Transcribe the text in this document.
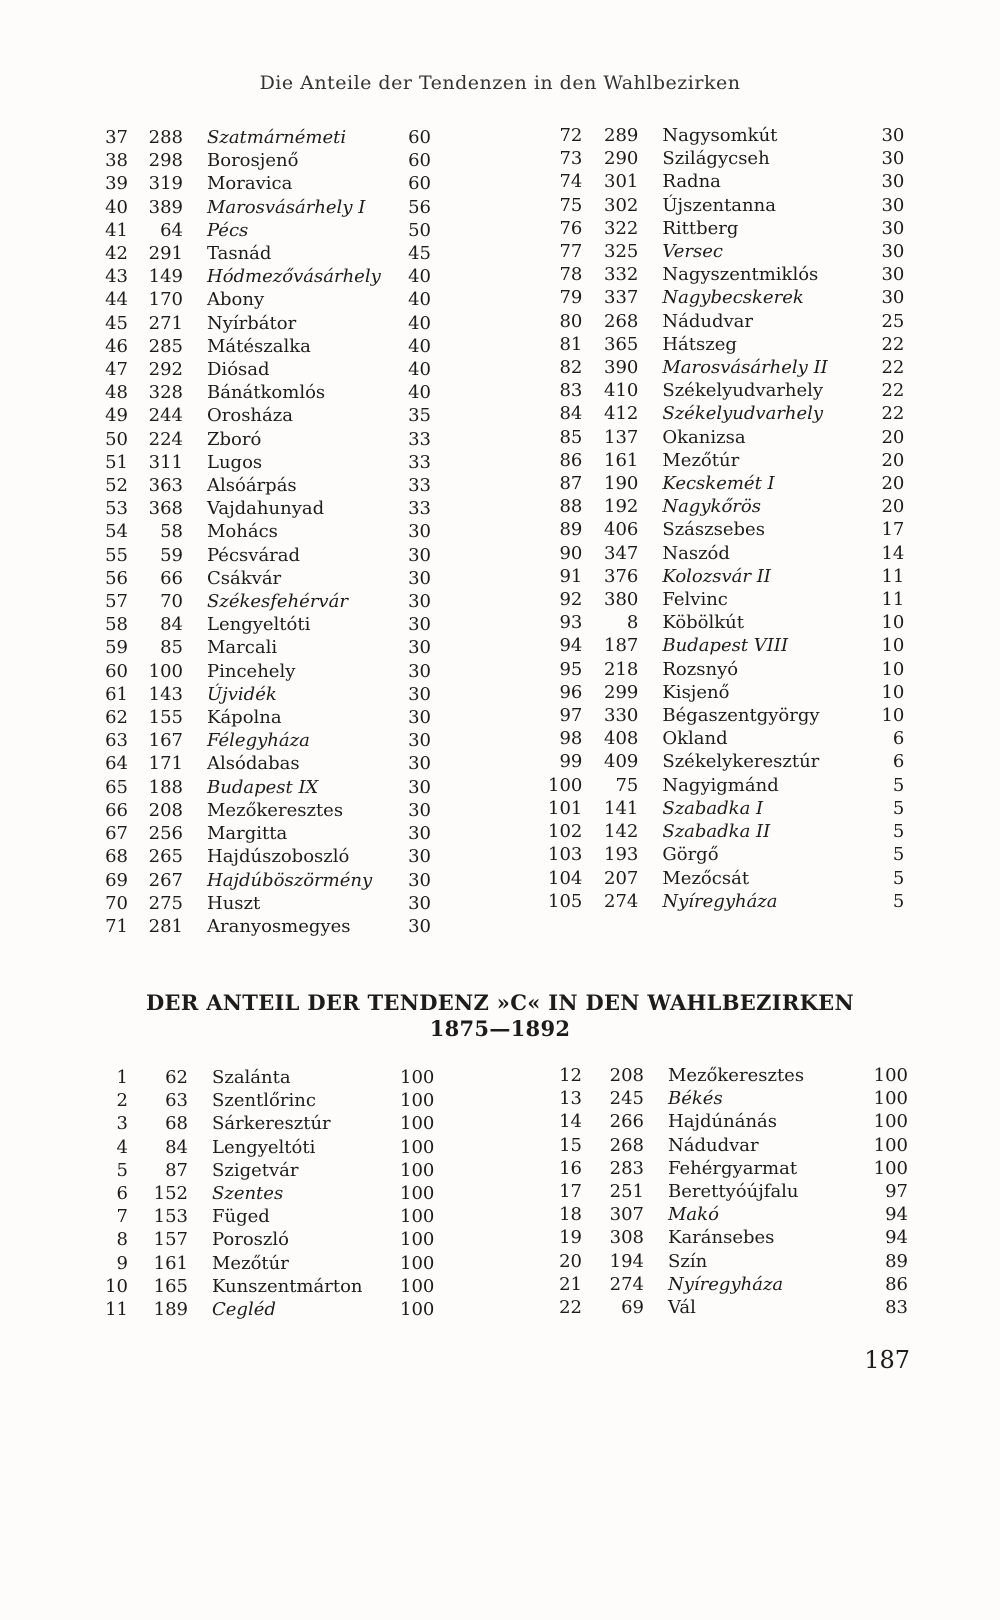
Die Anteile der Tendenzen in den Wahlbezirken
37	288	Szatmárnémeti	60
38	298	Borosjenő	60
39	319	Moravica	60
40	389	Marosvásárhely I	56
41	64	Pécs	50
42	291	Tasnád	45
43	149	Hódmezővásárhely	40
44	170	Abony	40
45	271	Nyírbátor	40
46	285	Mátészalka	40
47	292	Diósad	40
48	328	Bánátkomlós	40
49	244	Orosháza	35
50	224	Zboró	33
51	311	Lugos	33
52	363	Alsóárpás	33
53	368	Vajdahunyad	33
54	58	Mohács	30
55	59	Pécsvárad	30
56	66	Csákvár	30
57	70	Székesfehérvár	30
58	84	Lengyeltóti	30
59	85	Marcali	30
60	100	Pincehely	30
61	143	Újvidék	30
62	155	Kápolna	30
63	167	Félegyháza	30
64	171	Alsódabas	30
65	188	Budapest IX	30
66	208	Mezőkeresztes	30
67	256	Margitta	30
68	265	Hajdúszoboszló	30
69	267	Hajdúböszörmény	30
70	275	Huszt	30
71	281	Aranyosmegyes	30
72	289	Nagysomkút	30
73	290	Szilágycseh	30
74	301	Radna	30
75	302	Újszentanna	30
76	322	Rittberg	30
77	325	Versec	30
78	332	Nagyszentmiklós	30
79	337	Nagybecskerek	30
80	268	Nádudvar	25
81	365	Hátszeg	22
82	390	Marosvásárhely II	22
83	410	Székelyudvarhely	22
84	412	Székelyudvarhely	22
85	137	Okanizsa	20
86	161	Mezőtúr	20
87	190	Kecskemét I	20
88	192	Nagykőrös	20
89	406	Szászsebes	17
90	347	Naszód	14
91	376	Kolozsvár II	11
92	380	Felvinc	11
93	8	Köbölkút	10
94	187	Budapest VIII	10
95	218	Rozsnyó	10
96	299	Kisjenő	10
97	330	Bégaszentgyörgy	10
98	408	Okland	6
99	409	Székelykeresztúr	6
100	75	Nagyigmánd	5
101	141	Szabadka I	5
102	142	Szabadka II	5
103	193	Görgő	5
104	207	Mezőcsát	5
105	274	Nyíregyháza	5
DER ANTEIL DER TENDENZ »C« IN DEN WAHLBEZIRKEN
1875—1892
1	62	Szalánta	100
2	63	Szentlőrinc	100
3	68	Sárkeresztúr	100
4	84	Lengyeltóti	100
5	87	Szigetvár	100
6	152	Szentes	100
7	153	Füged	100
8	157	Poroszló	100
9	161	Mezőtúr	100
10	165	Kunszentmárton	100
11	189	Cegléd	100
12	208	Mezőkeresztes	100
13	245	Békés	100
14	266	Hajdúnánás	100
15	268	Nádudvar	100
16	283	Fehérgyarmat	100
17	251	Berettyóújfalu	97
18	307	Makó	94
19	308	Karánsebes	94
20	194	Szín	89
21	274	Nyíregyháza	86
22	69	Vál	83
187
